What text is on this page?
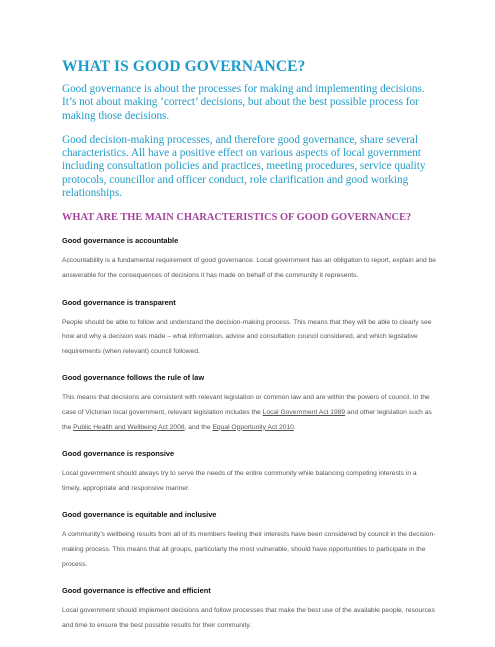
WHAT IS GOOD GOVERNANCE?

Good governance is about the processes for making and implementing decisions. It’s not about making ‘correct’ decisions, but about the best possible process for making those decisions.

Good decision-making processes, and therefore good governance, share several characteristics. All have a positive effect on various aspects of local government including consultation policies and practices, meeting procedures, service quality protocols, councillor and officer conduct, role clarification and good working relationships.

WHAT ARE THE MAIN CHARACTERISTICS OF GOOD GOVERNANCE?
Good governance is accountable

Accountability is a fundamental requirement of good governance. Local government has an obligation to report, explain and be answerable for the consequences of decisions it has made on behalf of the community it represents.

Good governance is transparent

People should be able to follow and understand the decision-making process. This means that they will be able to clearly see how and why a decision was made – what information, advice and consultation council considered, and which legislative requirements (when relevant) council followed.

Good governance follows the rule of law

This means that decisions are consistent with relevant legislation or common law and are within the powers of council. In the case of Victorian local government, relevant legislation includes the Local Government Act 1989 and other legislation such as the Public Health and Wellbeing Act 2008, and the Equal Opportunity Act 2010.

Good governance is responsive

Local government should always try to serve the needs of the entire community while balancing competing interests in a timely, appropriate and responsive manner.

Good governance is equitable and inclusive

A community’s wellbeing results from all of its members feeling their interests have been considered by council in the decision-making process. This means that all groups, particularly the most vulnerable, should have opportunities to participate in the process.

Good governance is effective and efficient

Local government should implement decisions and follow processes that make the best use of the available people, resources and time to ensure the best possible results for their community.
